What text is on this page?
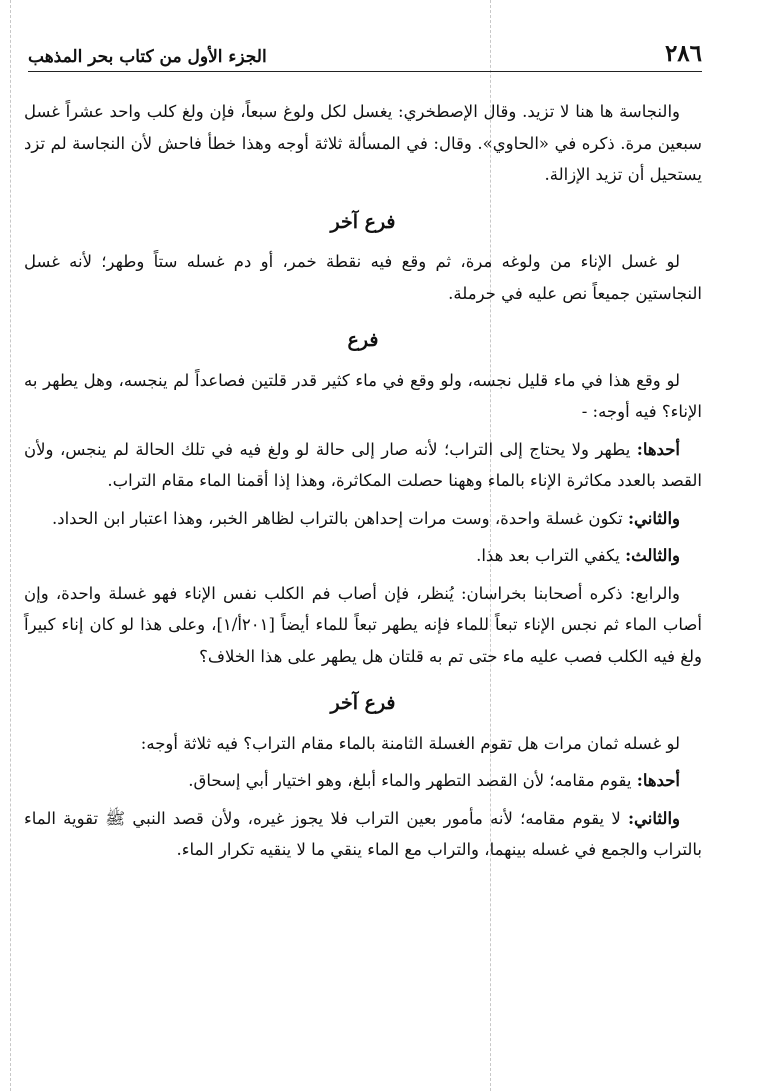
٢٨٦
الجزء الأول من كتاب بحر المذهب

والنجاسة ها هنا لا تزيد. وقال الإصطخري: يغسل لكل ولوغ سبعاً، فإن ولغ كلب واحد عشراً غسل سبعين مرة. ذكره في «الحاوي». وقال: في المسألة ثلاثة أوجه وهذا خطأ فاحش لأن النجاسة لم تزد يستحيل أن تزيد الإزالة.

فرع آخر

لو غسل الإناء من ولوغه مرة، ثم وقع فيه نقطة خمر، أو دم غسله ستاً وطهر؛ لأنه غسل النجاستين جميعاً نص عليه في حرملة.

فرع

لو وقع هذا في ماء قليل نجسه، ولو وقع في ماء كثير قدر قلتين فصاعداً لم ينجسه، وهل يطهر به الإناء؟ فيه أوجه: -

أحدها: يطهر ولا يحتاج إلى التراب؛ لأنه صار إلى حالة لو ولغ فيه في تلك الحالة لم ينجس، ولأن القصد بالعدد مكاثرة الإناء بالماء وههنا حصلت المكاثرة، وهذا إذا أقمنا الماء مقام التراب.

والثاني: تكون غسلة واحدة، وست مرات إحداهن بالتراب لظاهر الخبر، وهذا اعتبار ابن الحداد.

والثالث: يكفي التراب بعد هذا.

والرابع: ذكره أصحابنا بخراسان: يُنظر، فإن أصاب فم الكلب نفس الإناء فهو غسلة واحدة، وإن أصاب الماء ثم نجس الإناء تبعاً للماء فإنه يطهر تبعاً للماء أيضاً [٢٠١أ/١]، وعلى هذا لو كان إناء كبيراً ولغ فيه الكلب فصب عليه ماء حتى تم به قلتان هل يطهر على هذا الخلاف؟

فرع آخر

لو غسله ثمان مرات هل تقوم الغسلة الثامنة بالماء مقام التراب؟ فيه ثلاثة أوجه:

أحدها: يقوم مقامه؛ لأن القصد التطهر والماء أبلغ، وهو اختيار أبي إسحاق.

والثاني: لا يقوم مقامه؛ لأنه مأمور بعين التراب فلا يجوز غيره، ولأن قصد النبي ﷺ تقوية الماء بالتراب والجمع في غسله بينهما، والتراب مع الماء ينقي ما لا ينقيه تكرار الماء.
